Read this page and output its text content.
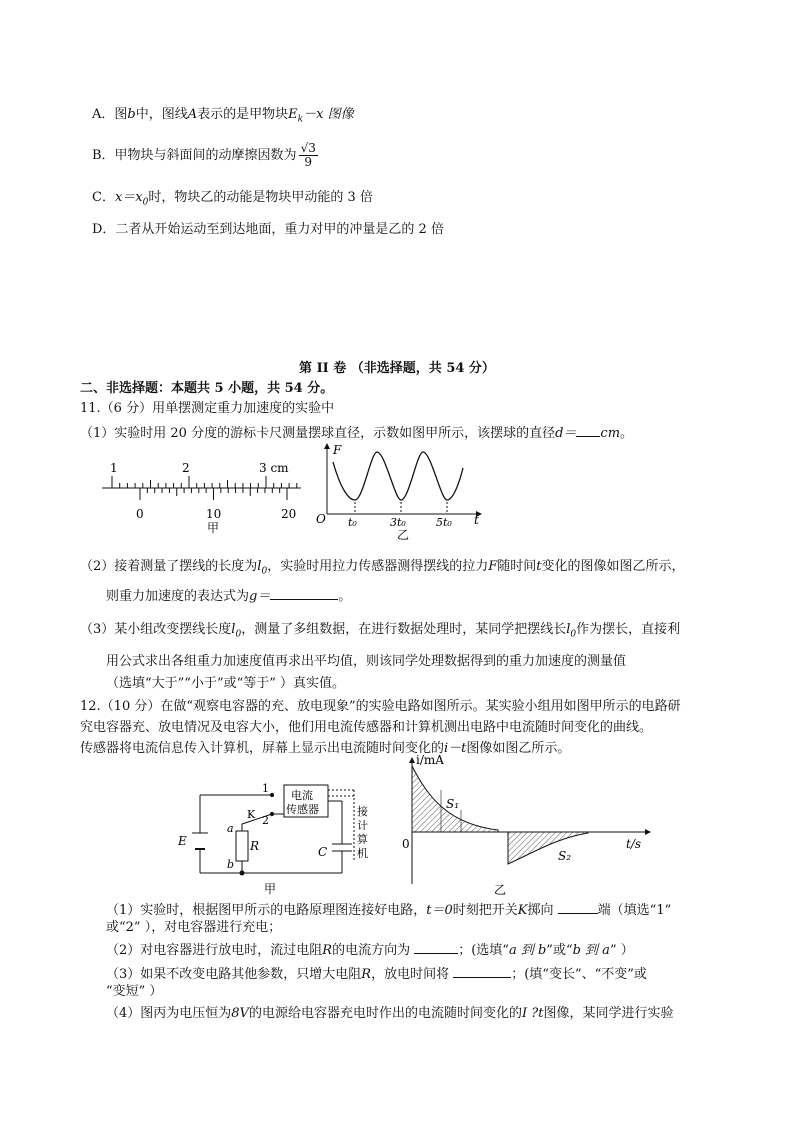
A．图b中，图线A表示的是甲物块$E_k-x$ 图像
B．甲物块与斜面间的动摩擦因数为 $\frac{√3}{9}$
C．$x=x_0$时，物块乙的动能是物块甲动能的 3 倍
D．二者从开始运动至到达地面，重力对甲的冲量是乙的 2 倍
第 II 卷 （非选择题，共 54 分）
二、非选择题：本题共 5 小题，共 54 分。
11.（6 分）用单摆测定重力加速度的实验中
（1）实验时用 20 分度的游标卡尺测量摆球直径，示数如图甲所示，该摆球的直径d＝ cm。
1	2	3 cm
0	10	20
甲
F
O	t
t₀	3t₀	5t₀
乙
（2）接着测量了摆线的长度为$l_0$，实验时用拉力传感器测得摆线的拉力F随时间t变化的图像如图乙所示，
则重力加速度的表达式为g＝	。
（3）某小组改变摆线长度$l_0$，测量了多组数据，在进行数据处理时，某同学把摆线长$l_0$作为摆长，直接利
用公式求出各组重力加速度值再求出平均值，则该同学处理数据得到的重力加速度的测量值
（选填“大于”“小于”或“等于” ）真实值。
12.（10 分）在做“观察电容器的充、放电现象”的实验电路如图所示。某实验小组用如图甲所示的电路研
究电容器充、放电情况及电容大小，他们用电流传感器和计算机测出电路中电流随时间变化的曲线。
传感器将电流信息传入计算机，屏幕上显示出电流随时间变化的i－t图像如图乙所示。
1
2
K
电流
传感器	接
计
算
机
E	R
a
b
C
甲
i/mA
t/s
0
S₁
S₂
乙
（1）实验时，根据图甲所示的电路原理图连接好电路，t＝0时刻把开关K掷向	端（填选“1”
或“2” ），对电容器进行充电；
（2）对电容器进行放电时，流过电阻R的电流方向为	；(选填“a 到 b”或“b 到 a” ）
（3）如果不改变电路其他参数，只增大电阻R，放电时间将	；(填“变长”、“不变”或
“变短” ）
（4）图丙为电压恒为8V的电源给电容器充电时作出的电流随时间变化的I ?t图像，某同学进行实验
